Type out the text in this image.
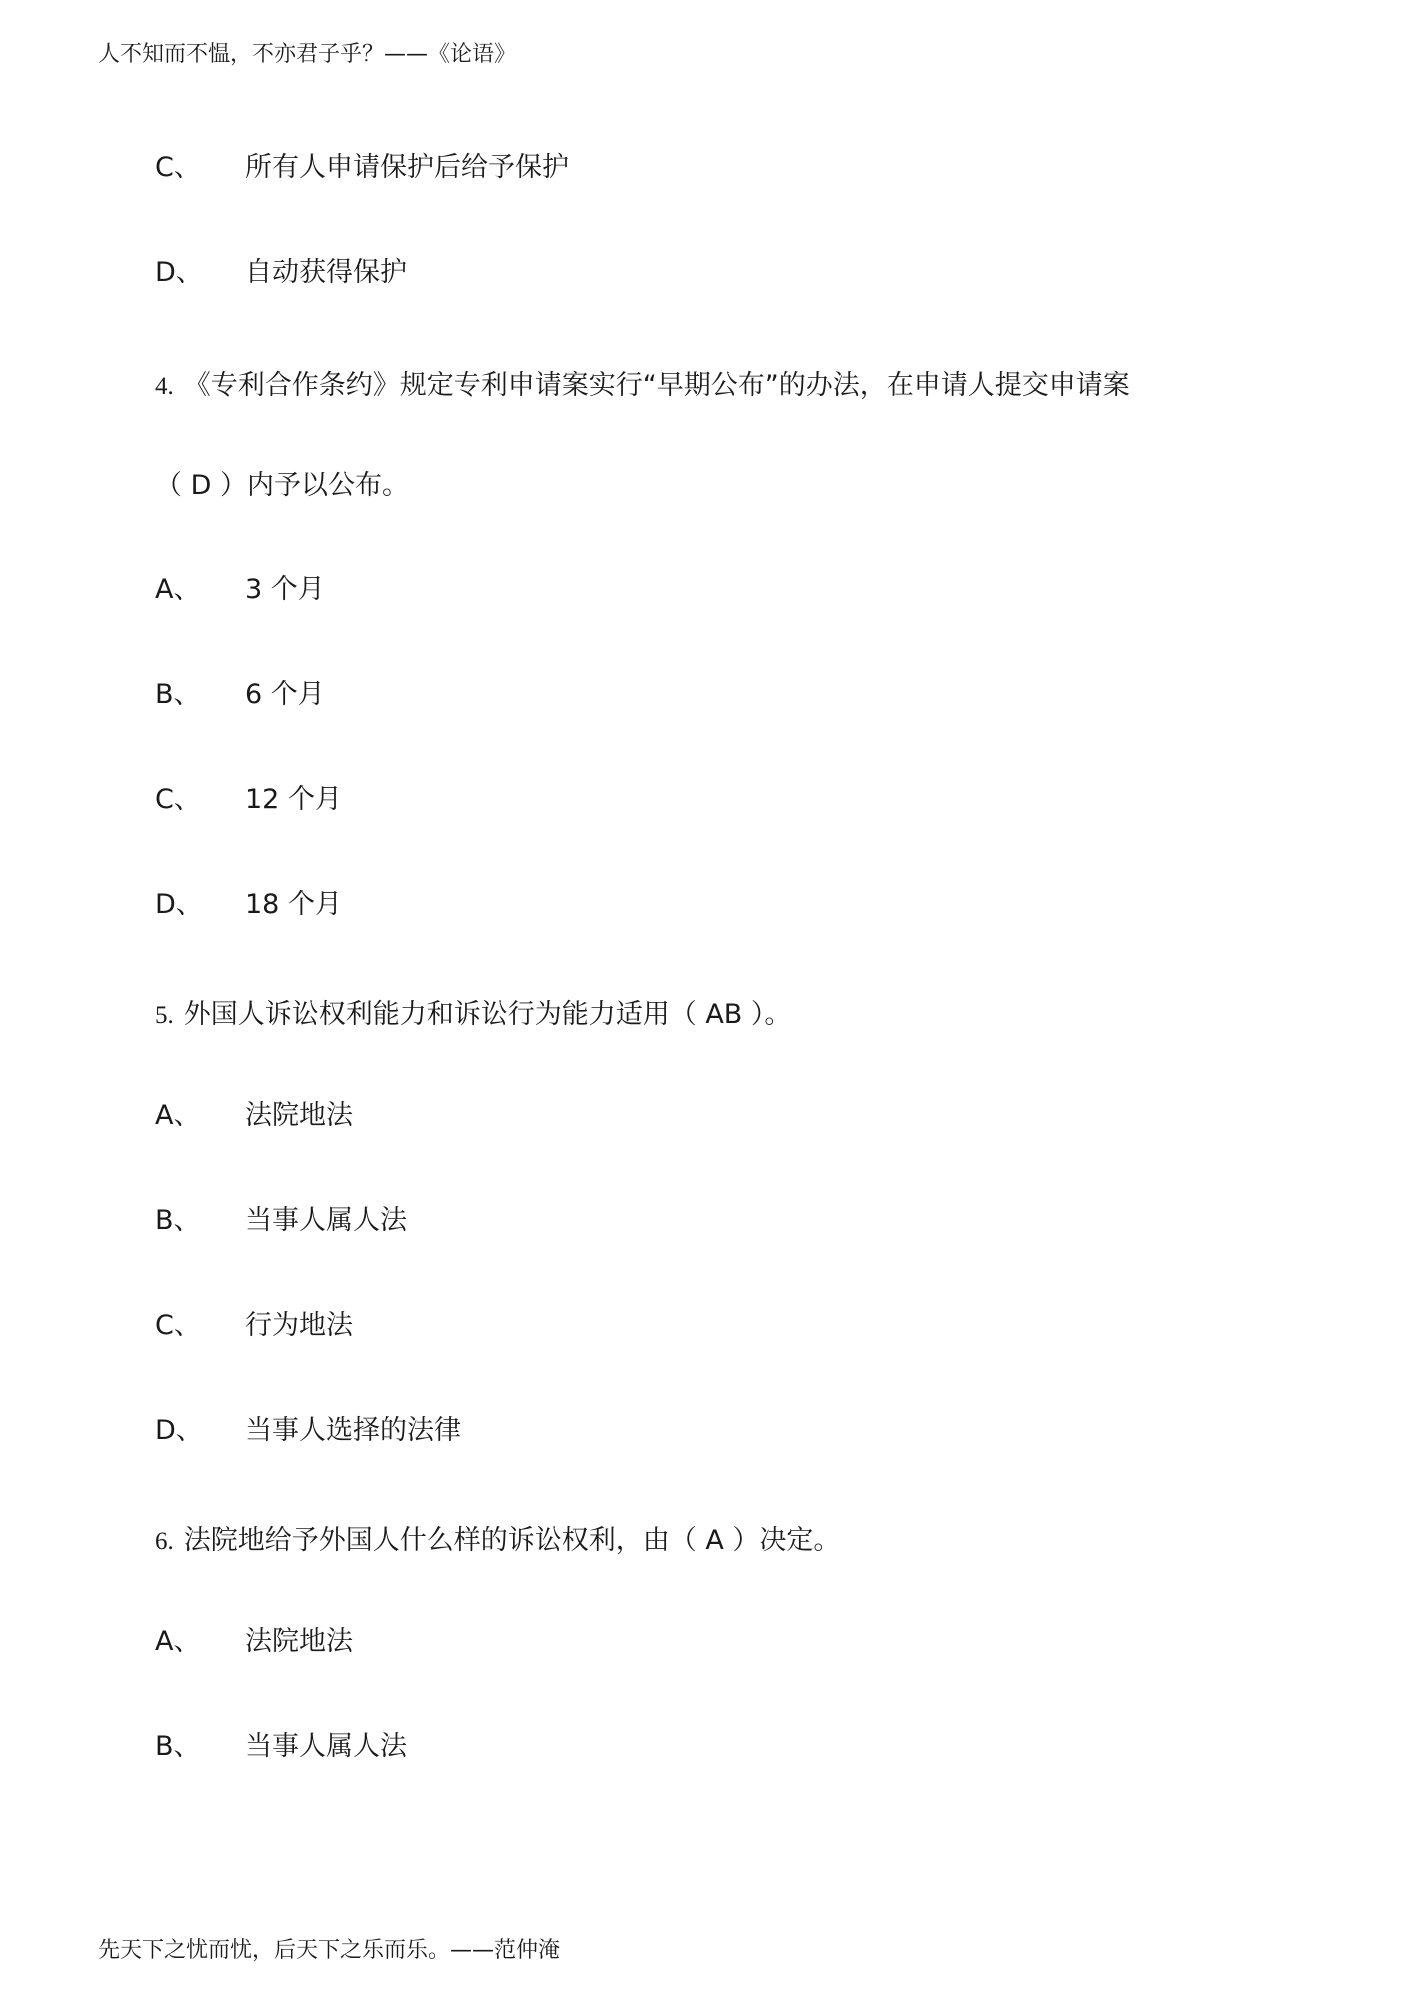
人不知而不愠，不亦君子乎？——《论语》
C、 所有人申请保护后给予保护
D、 自动获得保护
4. 《专利合作条约》规定专利申请案实行“早期公布”的办法，在申请人提交申请案
（ D ）内予以公布。
A、 3 个月
B、 6 个月
C、 12 个月
D、 18 个月
5. 外国人诉讼权利能力和诉讼行为能力适用（ AB ）。
A、 法院地法
B、 当事人属人法
C、 行为地法
D、 当事人选择的法律
6. 法院地给予外国人什么样的诉讼权利，由（ A ）决定。
A、 法院地法
B、 当事人属人法
先天下之忧而忧，后天下之乐而乐。——范仲淹
